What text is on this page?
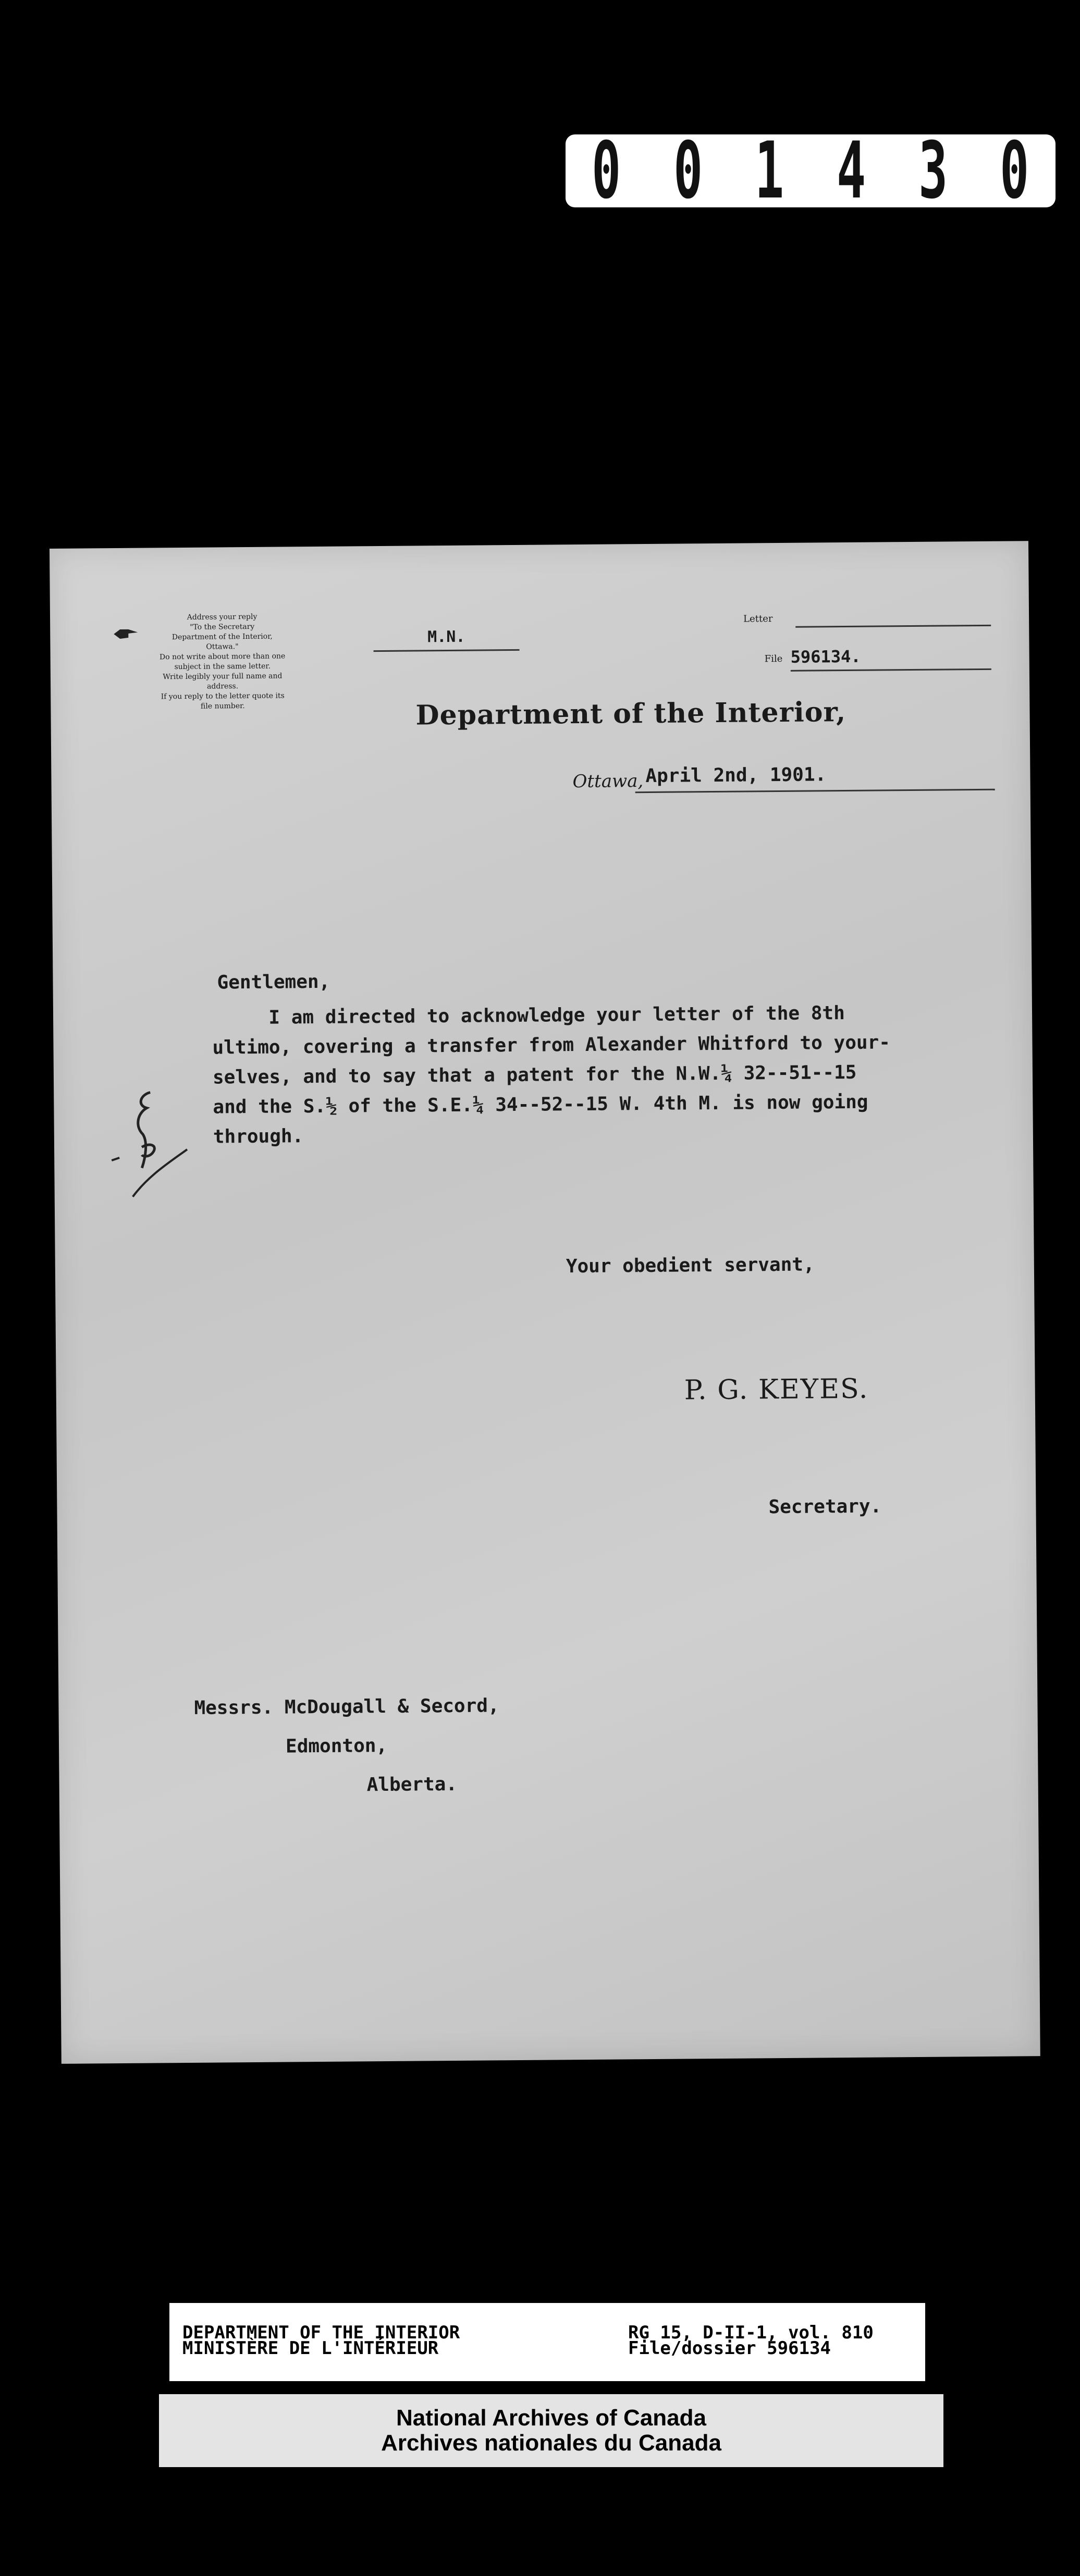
0 0 1 4 3 0
Address your reply
"To the Secretary
Department of the Interior,
Ottawa."
Do not write about more than one
subject in the same letter.
Write legibly your full name and
address.
If you reply to the letter quote its
file number.
M.N.
Letter
File 596134.
Department of the Interior,
Ottawa, April 2nd, 1901.
Gentlemen,
I am directed to acknowledge your letter of the 8th
ultimo, covering a transfer from Alexander Whitford to your-
selves, and to say that a patent for the N.W.¼ 32--51--15
and the S.½ of the S.E.¼ 34--52--15 W. 4th M. is now going
through.
Your obedient servant,
P. G. KEYES.
Secretary.
Messrs. McDougall & Secord,
Edmonton,
Alberta.
DEPARTMENT OF THE INTERIOR
MINISTÈRE DE L'INTÉRIEUR
RG 15, D-II-1, vol. 810
File/dossier 596134
National Archives of Canada
Archives nationales du Canada
